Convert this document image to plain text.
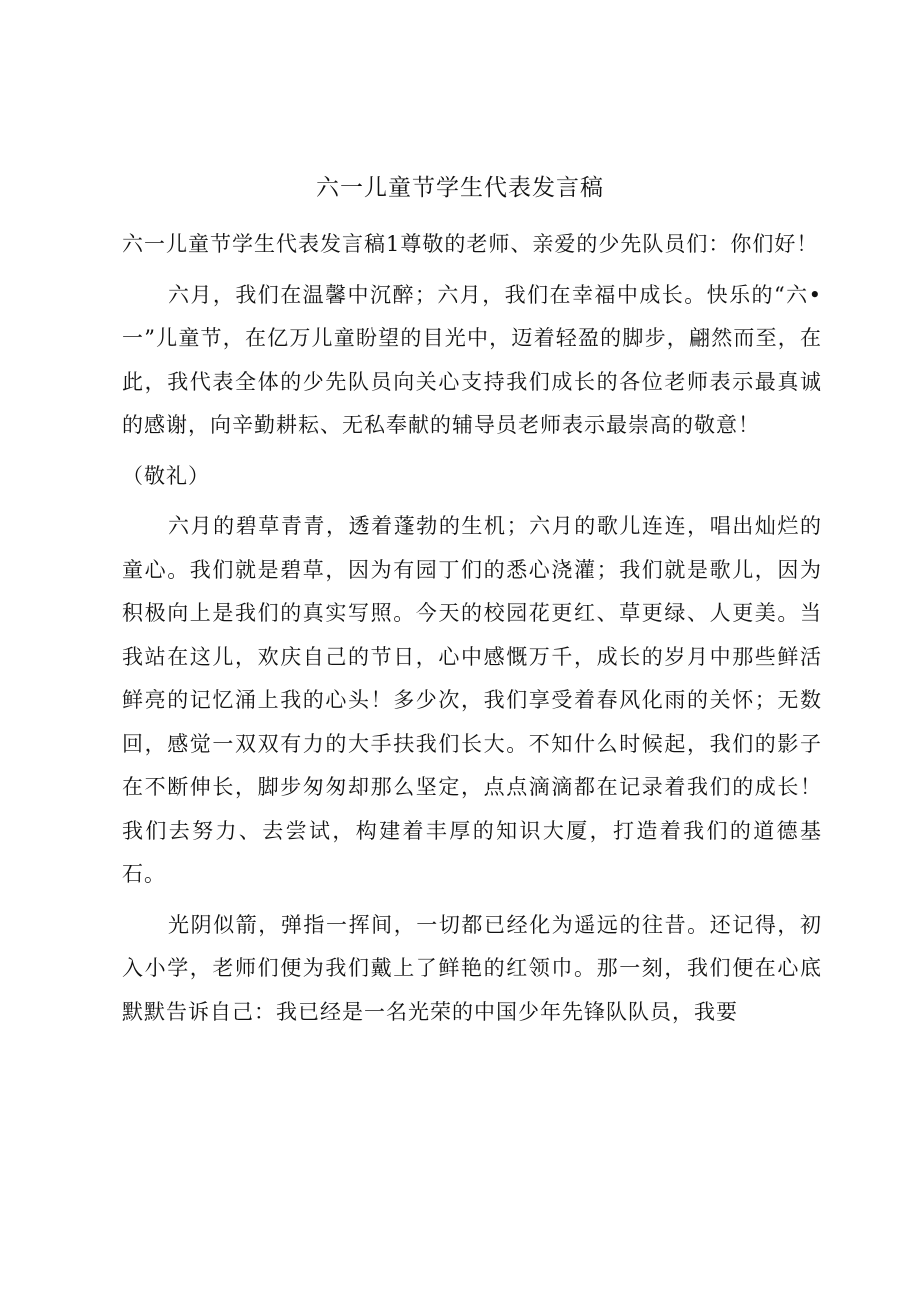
六一儿童节学生代表发言稿

六一儿童节学生代表发言稿1尊敬的老师、亲爱的少先队员们：你们好！

六月，我们在温馨中沉醉；六月，我们在幸福中成长。快乐的“六•一”儿童节，在亿万儿童盼望的目光中，迈着轻盈的脚步，翩然而至，在此，我代表全体的少先队员向关心支持我们成长的各位老师表示最真诚的感谢，向辛勤耕耘、无私奉献的辅导员老师表示最崇高的敬意！

（敬礼）

六月的碧草青青，透着蓬勃的生机；六月的歌儿连连，唱出灿烂的童心。我们就是碧草，因为有园丁们的悉心浇灌；我们就是歌儿，因为积极向上是我们的真实写照。今天的校园花更红、草更绿、人更美。当我站在这儿，欢庆自己的节日，心中感慨万千，成长的岁月中那些鲜活鲜亮的记忆涌上我的心头！多少次，我们享受着春风化雨的关怀；无数回，感觉一双双有力的大手扶我们长大。不知什么时候起，我们的影子在不断伸长，脚步匆匆却那么坚定，点点滴滴都在记录着我们的成长！我们去努力、去尝试，构建着丰厚的知识大厦，打造着我们的道德基石。

光阴似箭，弹指一挥间，一切都已经化为遥远的往昔。还记得，初入小学，老师们便为我们戴上了鲜艳的红领巾。那一刻，我们便在心底默默告诉自己：我已经是一名光荣的中国少年先锋队队员，我要
